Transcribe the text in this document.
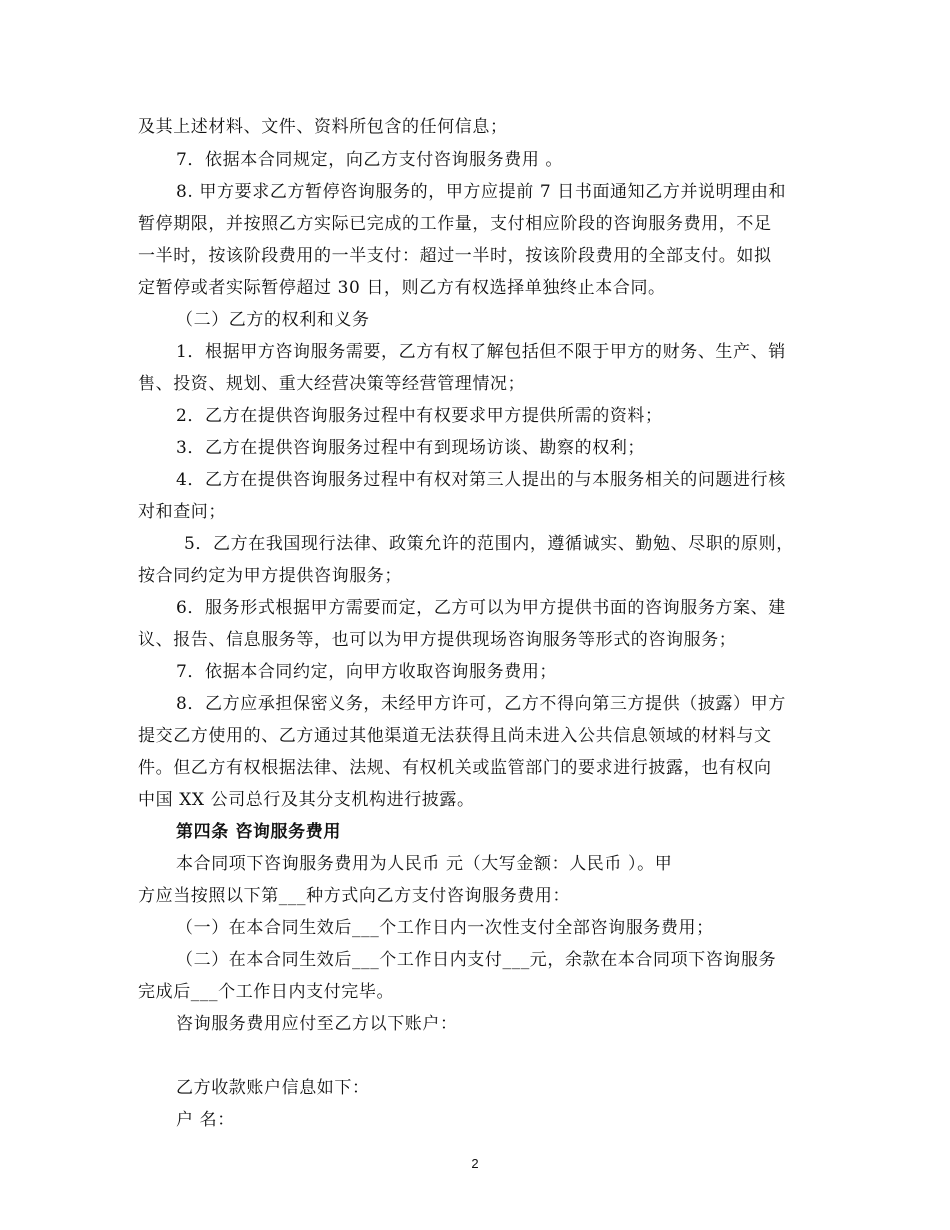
及其上述材料、文件、资料所包含的任何信息；
7．依据本合同规定，向乙方支付咨询服务费用 。
8. 甲方要求乙方暂停咨询服务的，甲方应提前 7 日书面通知乙方并说明理由和
暂停期限，并按照乙方实际已完成的工作量，支付相应阶段的咨询服务费用，不足
一半时，按该阶段费用的一半支付：超过一半时，按该阶段费用的全部支付。如拟
定暂停或者实际暂停超过 30 日，则乙方有权选择单独终止本合同。
（二）乙方的权利和义务
1．根据甲方咨询服务需要，乙方有权了解包括但不限于甲方的财务、生产、销
售、投资、规划、重大经营决策等经营管理情况；
2．乙方在提供咨询服务过程中有权要求甲方提供所需的资料；
3．乙方在提供咨询服务过程中有到现场访谈、勘察的权利；
4．乙方在提供咨询服务过程中有权对第三人提出的与本服务相关的问题进行核
对和查问；
5．乙方在我国现行法律、政策允许的范围内，遵循诚实、勤勉、尽职的原则，
按合同约定为甲方提供咨询服务；
6．服务形式根据甲方需要而定，乙方可以为甲方提供书面的咨询服务方案、建
议、报告、信息服务等，也可以为甲方提供现场咨询服务等形式的咨询服务；
7．依据本合同约定，向甲方收取咨询服务费用；
8．乙方应承担保密义务，未经甲方许可，乙方不得向第三方提供（披露）甲方
提交乙方使用的、乙方通过其他渠道无法获得且尚未进入公共信息领域的材料与文
件。但乙方有权根据法律、法规、有权机关或监管部门的要求进行披露，也有权向
中国 XX 公司总行及其分支机构进行披露。
第四条 咨询服务费用
本合同项下咨询服务费用为人民币 元（大写金额：人民币 ）。甲
方应当按照以下第___种方式向乙方支付咨询服务费用：
（一）在本合同生效后___个工作日内一次性支付全部咨询服务费用；
（二）在本合同生效后___个工作日内支付___元，余款在本合同项下咨询服务
完成后___个工作日内支付完毕。
咨询服务费用应付至乙方以下账户：
乙方收款账户信息如下：
户 名：
2
